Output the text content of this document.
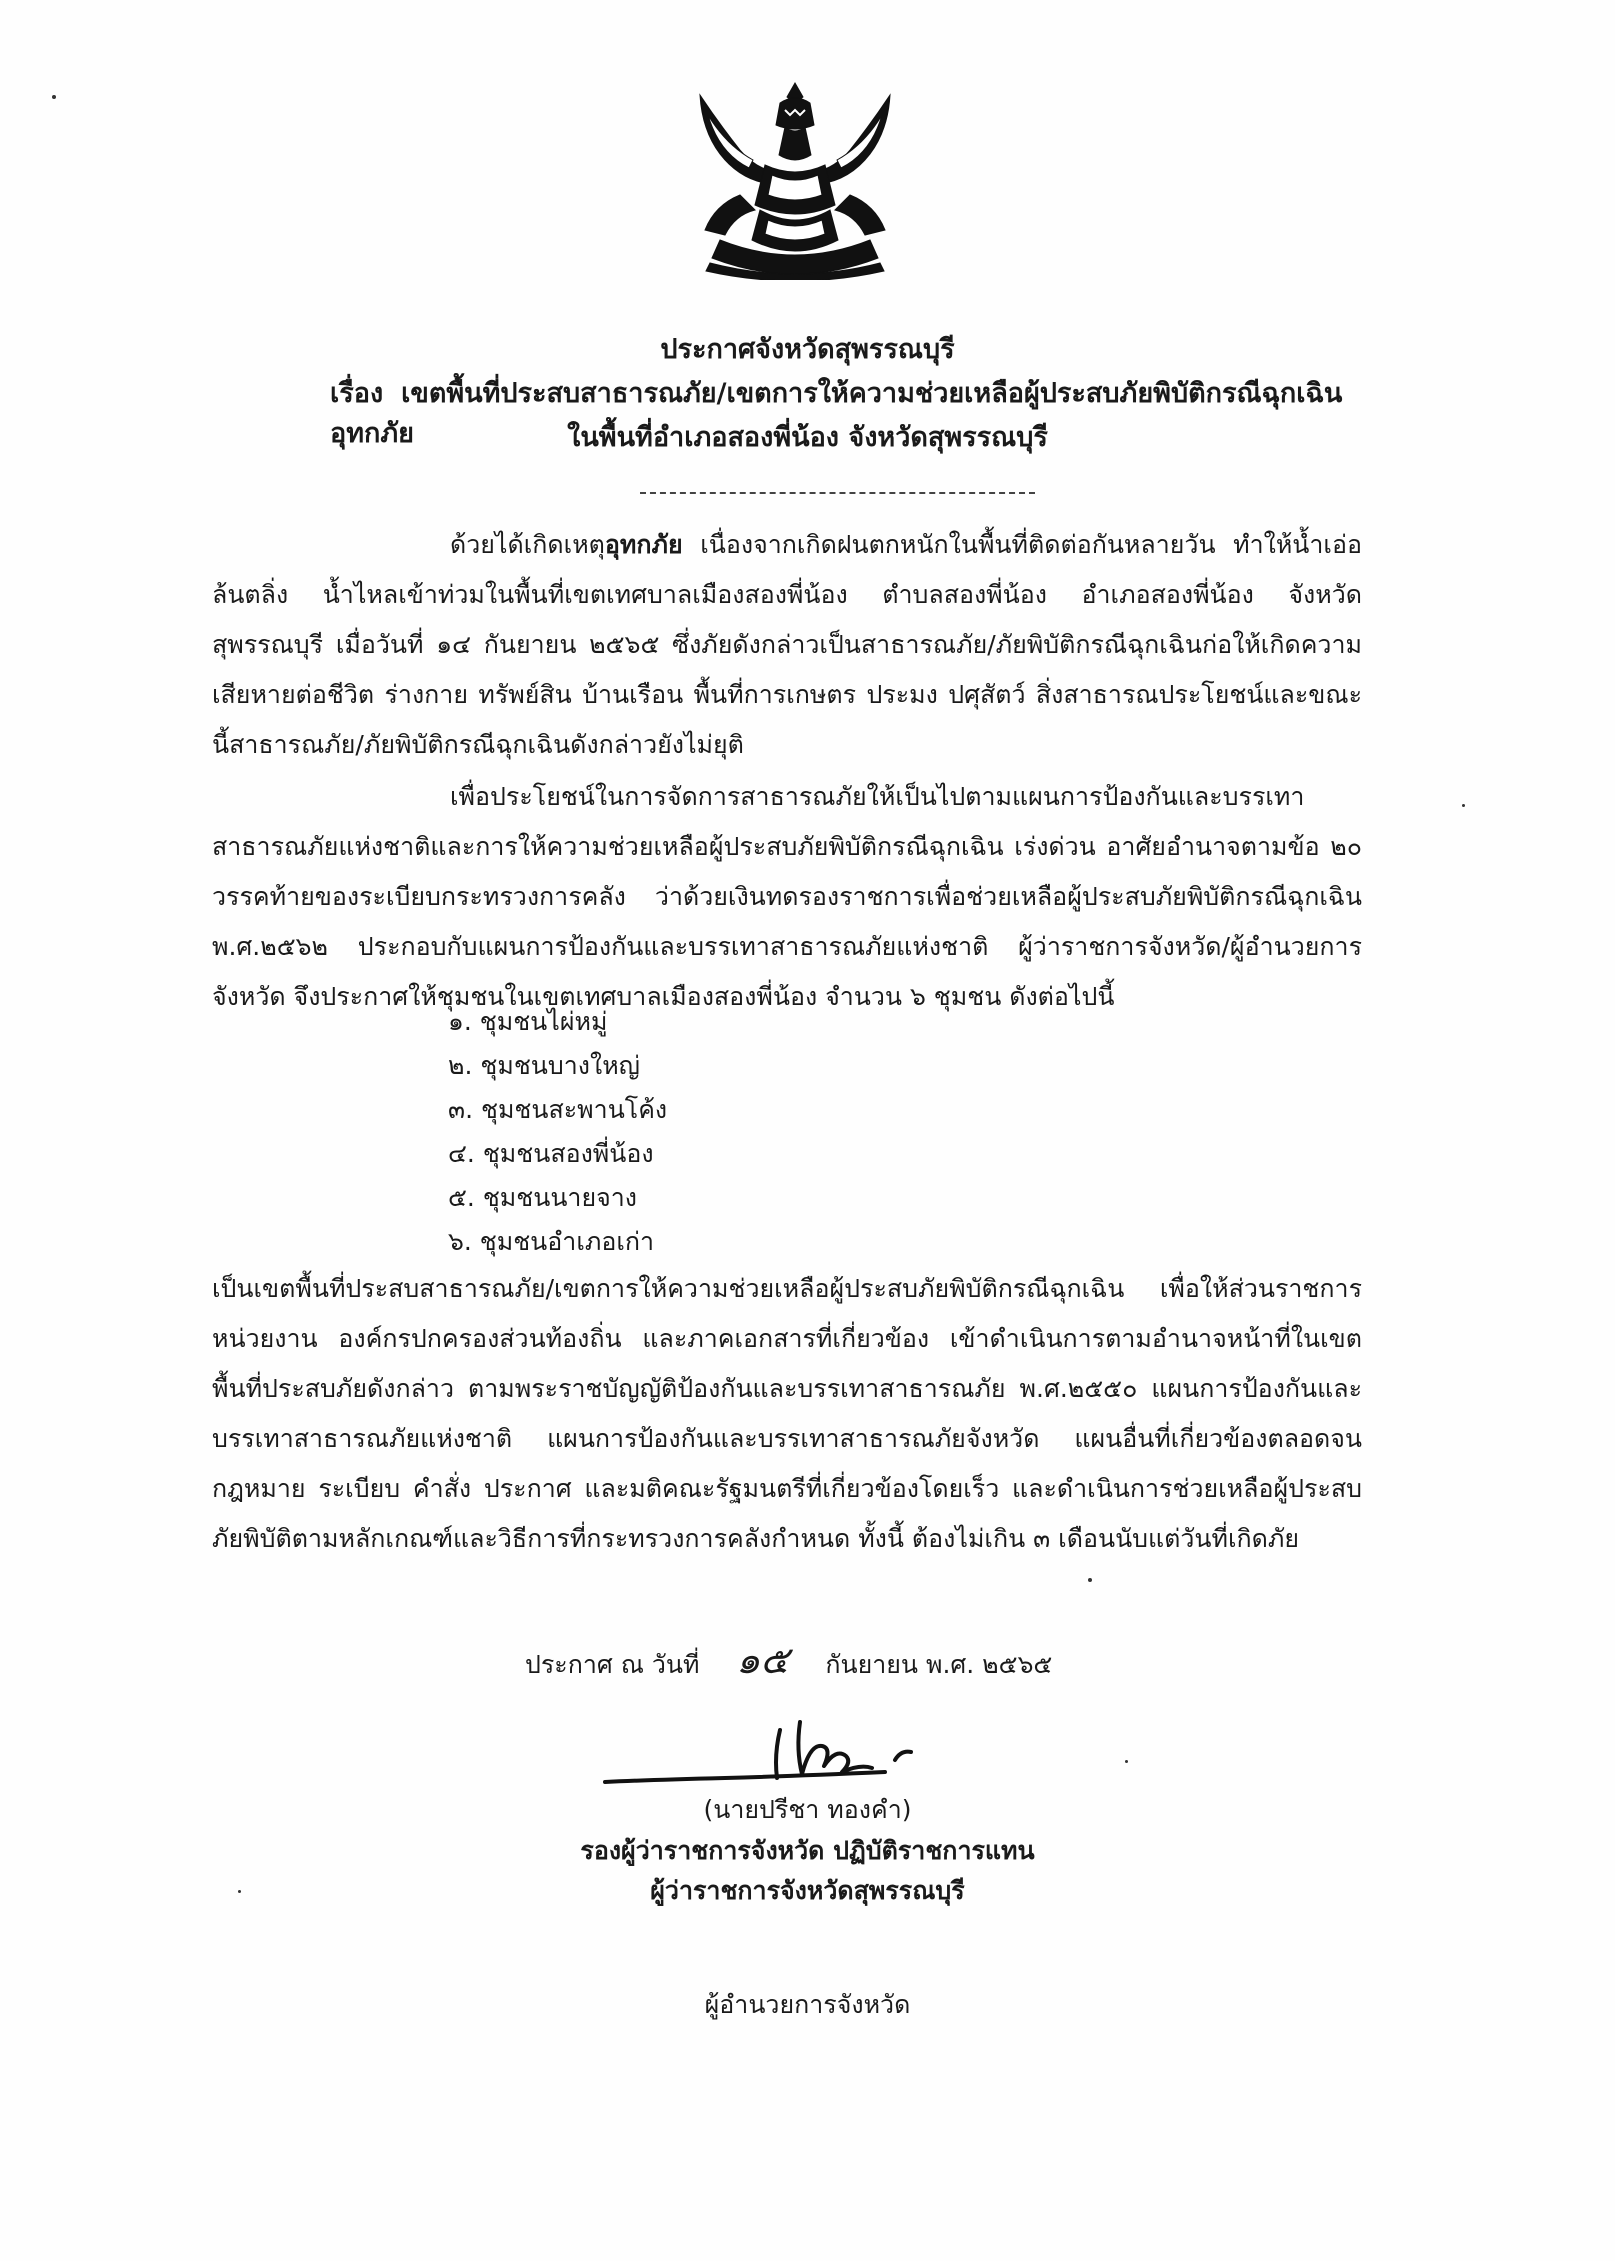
ประกาศจังหวัดสุพรรณบุรี
เรื่อง เขตพื้นที่ประสบสาธารณภัย/เขตการให้ความช่วยเหลือผู้ประสบภัยพิบัติกรณีฉุกเฉินอุทกภัย	ในพื้นที่อำเภอสองพี่น้อง จังหวัดสุพรรณบุรี
ด้วยได้เกิดเหตุอุทกภัย เนื่องจากเกิดฝนตกหนักในพื้นที่ติดต่อกันหลายวัน ทำให้น้ำเอ่อล้นตลิ่ง น้ำไหลเข้าท่วมในพื้นที่เขตเทศบาลเมืองสองพี่น้อง ตำบลสองพี่น้อง อำเภอสองพี่น้อง จังหวัดสุพรรณบุรี เมื่อวันที่ ๑๔ กันยายน ๒๕๖๕ ซึ่งภัยดังกล่าวเป็นสาธารณภัย/ภัยพิบัติกรณีฉุกเฉินก่อให้เกิดความเสียหายต่อชีวิต ร่างกาย ทรัพย์สิน บ้านเรือน พื้นที่การเกษตร ประมง ปศุสัตว์ สิ่งสาธารณประโยชน์และขณะนี้สาธารณภัย/ภัยพิบัติกรณีฉุกเฉินดังกล่าวยังไม่ยุติ
เพื่อประโยชน์ในการจัดการสาธารณภัยให้เป็นไปตามแผนการป้องกันและบรรเทาสาธารณภัยแห่งชาติและการให้ความช่วยเหลือผู้ประสบภัยพิบัติกรณีฉุกเฉิน เร่งด่วน อาศัยอำนาจตามข้อ ๒๐ วรรคท้ายของระเบียบกระทรวงการคลัง ว่าด้วยเงินทดรองราชการเพื่อช่วยเหลือผู้ประสบภัยพิบัติกรณีฉุกเฉิน พ.ศ.๒๕๖๒ ประกอบกับแผนการป้องกันและบรรเทาสาธารณภัยแห่งชาติ ผู้ว่าราชการจังหวัด/ผู้อำนวยการจังหวัด จึงประกาศให้ชุมชนในเขตเทศบาลเมืองสองพี่น้อง จำนวน ๖ ชุมชน ดังต่อไปนี้
๑. ชุมชนไผ่หมู่
๒. ชุมชนบางใหญ่
๓. ชุมชนสะพานโค้ง
๔. ชุมชนสองพี่น้อง
๕. ชุมชนนายจาง
๖. ชุมชนอำเภอเก่า
เป็นเขตพื้นที่ประสบสาธารณภัย/เขตการให้ความช่วยเหลือผู้ประสบภัยพิบัติกรณีฉุกเฉิน เพื่อให้ส่วนราชการ หน่วยงาน องค์กรปกครองส่วนท้องถิ่น และภาคเอกสารที่เกี่ยวข้อง เข้าดำเนินการตามอำนาจหน้าที่ในเขตพื้นที่ประสบภัยดังกล่าว ตามพระราชบัญญัติป้องกันและบรรเทาสาธารณภัย พ.ศ.๒๕๕๐ แผนการป้องกันและบรรเทาสาธารณภัยแห่งชาติ แผนการป้องกันและบรรเทาสาธารณภัยจังหวัด แผนอื่นที่เกี่ยวข้องตลอดจนกฎหมาย ระเบียบ คำสั่ง ประกาศ และมติคณะรัฐมนตรีที่เกี่ยวข้องโดยเร็ว และดำเนินการช่วยเหลือผู้ประสบภัยพิบัติตามหลักเกณฑ์และวิธีการที่กระทรวงการคลังกำหนด ทั้งนี้ ต้องไม่เกิน ๓ เดือนนับแต่วันที่เกิดภัย
ประกาศ ณ วันที่ ๑๕ กันยายน พ.ศ. ๒๕๖๕
(นายปรีชา ทองคำ)
รองผู้ว่าราชการจังหวัด ปฏิบัติราชการแทน
ผู้ว่าราชการจังหวัดสุพรรณบุรี
ผู้อำนวยการจังหวัด
